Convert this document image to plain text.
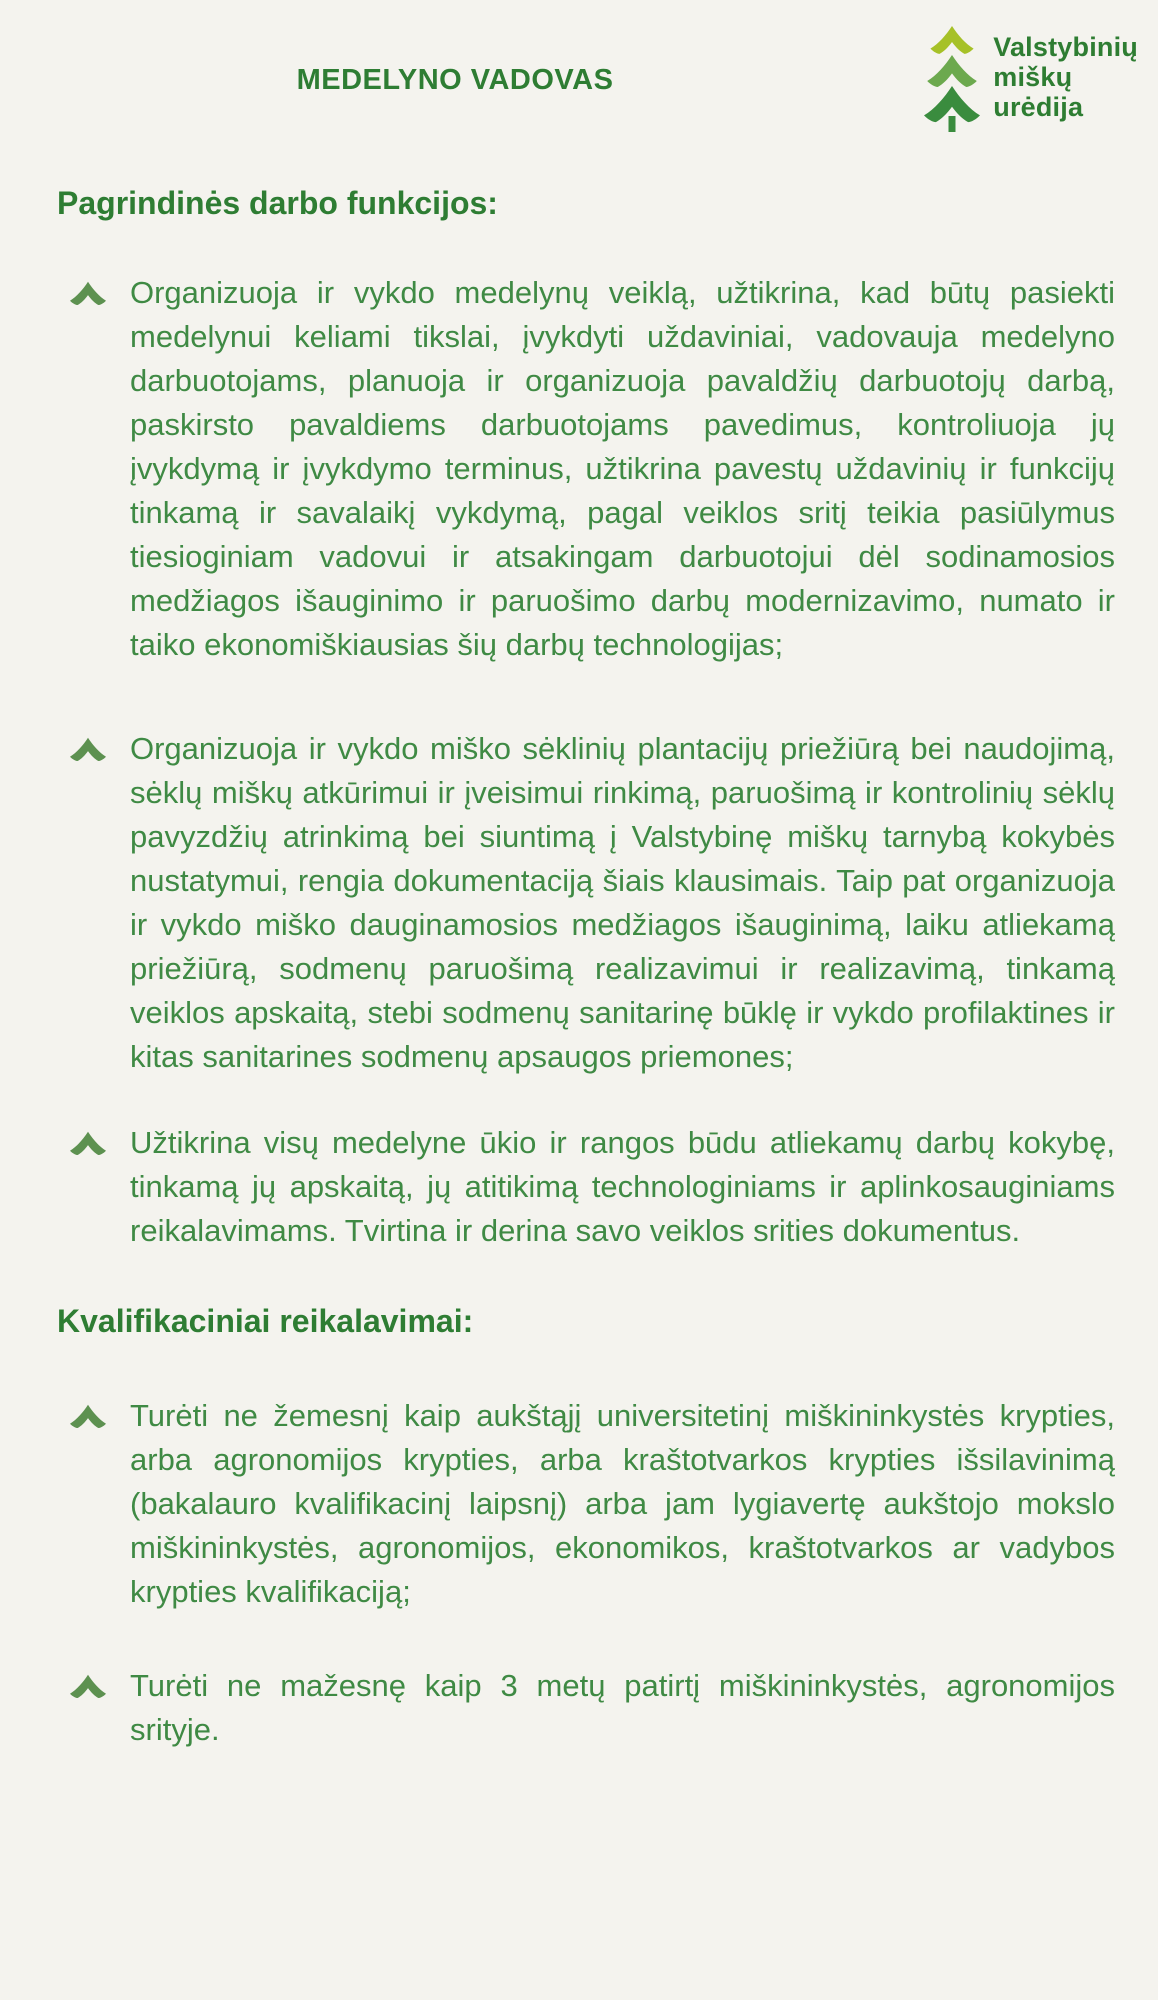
MEDELYNO VADOVAS
Valstybinių
miškų
urėdija
Pagrindinės darbo funkcijos:
Organizuoja ir vykdo medelynų veiklą, užtikrina, kad būtų pasiekti medelynui keliami tikslai, įvykdyti uždaviniai, vadovauja medelyno darbuotojams, planuoja ir organizuoja pavaldžių darbuotojų darbą, paskirsto pavaldiems darbuotojams pavedimus, kontroliuoja jų įvykdymą ir įvykdymo terminus, užtikrina pavestų uždavinių ir funkcijų tinkamą ir savalaikį vykdymą, pagal veiklos sritį teikia pasiūlymus tiesioginiam vadovui ir atsakingam darbuotojui dėl sodinamosios medžiagos išauginimo ir paruošimo darbų modernizavimo, numato ir taiko ekonomiškiausias šių darbų technologijas;
Organizuoja ir vykdo miško sėklinių plantacijų priežiūrą bei naudojimą, sėklų miškų atkūrimui ir įveisimui rinkimą, paruošimą ir kontrolinių sėklų pavyzdžių atrinkimą bei siuntimą į Valstybinę miškų tarnybą kokybės nustatymui, rengia dokumentaciją šiais klausimais. Taip pat organizuoja ir vykdo miško dauginamosios medžiagos išauginimą, laiku atliekamą priežiūrą, sodmenų paruošimą realizavimui ir realizavimą, tinkamą veiklos apskaitą, stebi sodmenų sanitarinę būklę ir vykdo profilaktines ir kitas sanitarines sodmenų apsaugos priemones;
Užtikrina visų medelyne ūkio ir rangos būdu atliekamų darbų kokybę, tinkamą jų apskaitą, jų atitikimą technologiniams ir aplinkosauginiams reikalavimams. Tvirtina ir derina savo veiklos srities dokumentus.
Kvalifikaciniai reikalavimai:
Turėti ne žemesnį kaip aukštąjį universitetinį miškininkystės krypties, arba agronomijos krypties, arba kraštotvarkos krypties išsilavinimą (bakalauro kvalifikacinį laipsnį) arba jam lygiavertę aukštojo mokslo miškininkystės, agronomijos, ekonomikos, kraštotvarkos ar vadybos krypties kvalifikaciją;
Turėti ne mažesnę kaip 3 metų patirtį miškininkystės, agronomijos srityje.
